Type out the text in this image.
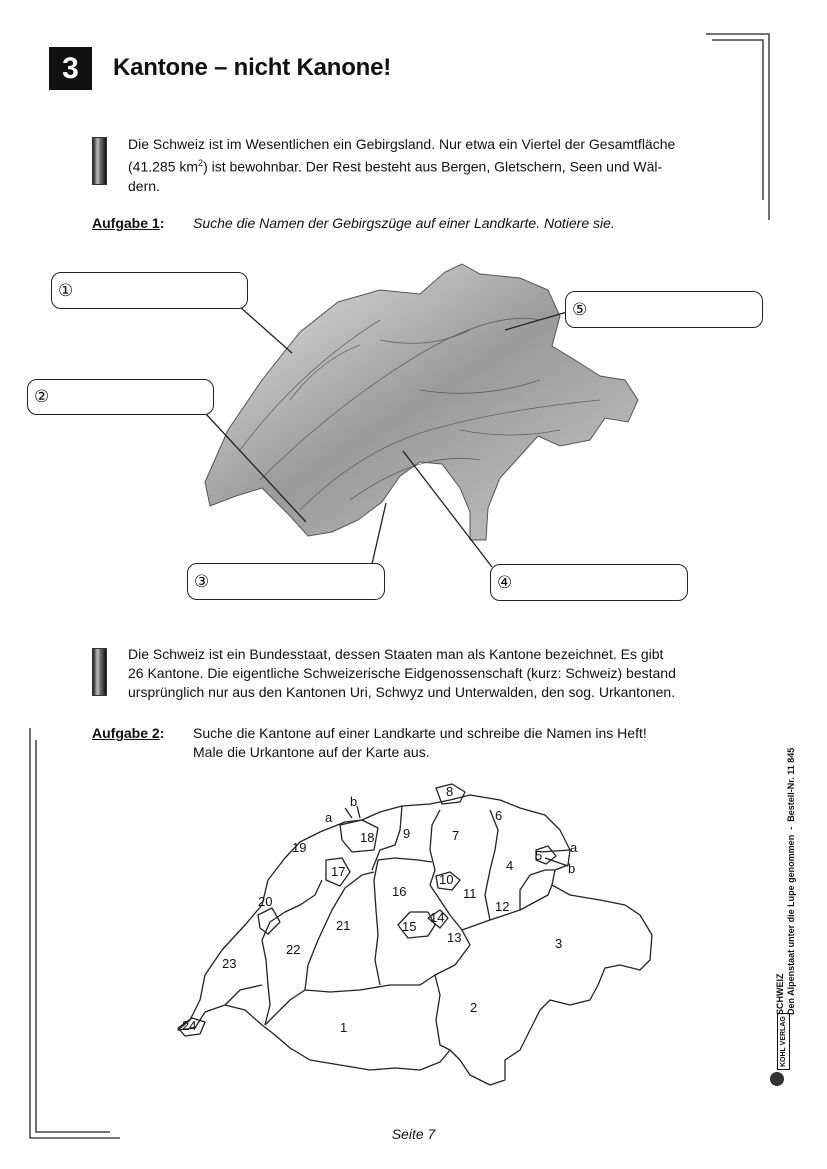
3	Kantone – nicht Kanone!
Die Schweiz ist im Wesentlichen ein Gebirgsland. Nur etwa ein Viertel der Gesamtfläche
(41.285 $km^2$) ist bewohnbar. Der Rest besteht aus Bergen, Gletschern, Seen und Wäl-
dern.
Aufgabe 1: Suche die Namen der Gebirgszüge auf einer Landkarte. Notiere sie.
①
②
③	④
⑤
Die Schweiz ist ein Bundesstaat, dessen Staaten man als Kantone bezeichnet. Es gibt
26 Kantone. Die eigentliche Schweizerische Eidgenossenschaft (kurz: Schweiz) bestand
ursprünglich nur aus den Kantonen Uri, Schwyz und Unterwalden, den sog. Urkantonen.
Aufgabe 2: Suche die Kantone auf einer Landkarte und schreibe die Namen ins Heft!
Male die Urkantone auf der Karte aus.
1
2
3
4
5
6
7
8
9
10
11
12
13
14
15
16
17
18
19
20
21
22
23
24
a
b
a
b	Den Alpenstaat unter die Lupe genommen  -  Bestell-Nr. 11 845
SCHWEIZ
KOHL VERLAG
Seite 7
